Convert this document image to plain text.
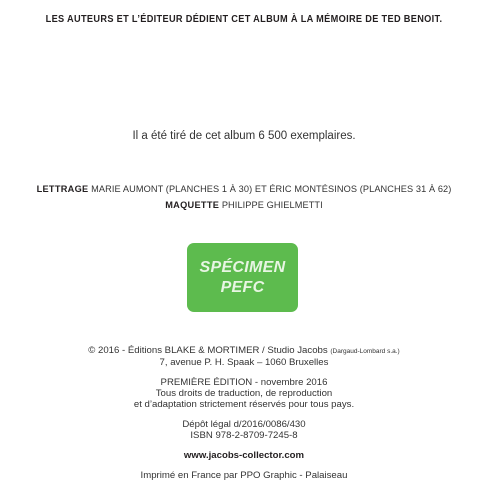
LES AUTEURS ET L’ÉDITEUR DÉDIENT CET ALBUM À LA MÉMOIRE DE TED BENOIT.
Il a été tiré de cet album 6 500 exemplaires.
LETTRAGE MARIE AUMONT (PLANCHES 1 À 30) ET ÉRIC MONTÉSINOS (PLANCHES 31 À 62)
MAQUETTE PHILIPPE GHIELMETTI
SPÉCIMEN
PEFC
© 2016 - Éditions BLAKE & MORTIMER / Studio Jacobs (Dargaud-Lombard s.a.)
7, avenue P. H. Spaak – 1060 Bruxelles
PREMIÈRE ÉDITION - novembre 2016
Tous droits de traduction, de reproduction
et d’adaptation strictement réservés pour tous pays.
Dépôt légal d/2016/0086/430
ISBN 978-2-8709-7245-8
www.jacobs-collector.com
Imprimé en France par PPO Graphic - Palaiseau
